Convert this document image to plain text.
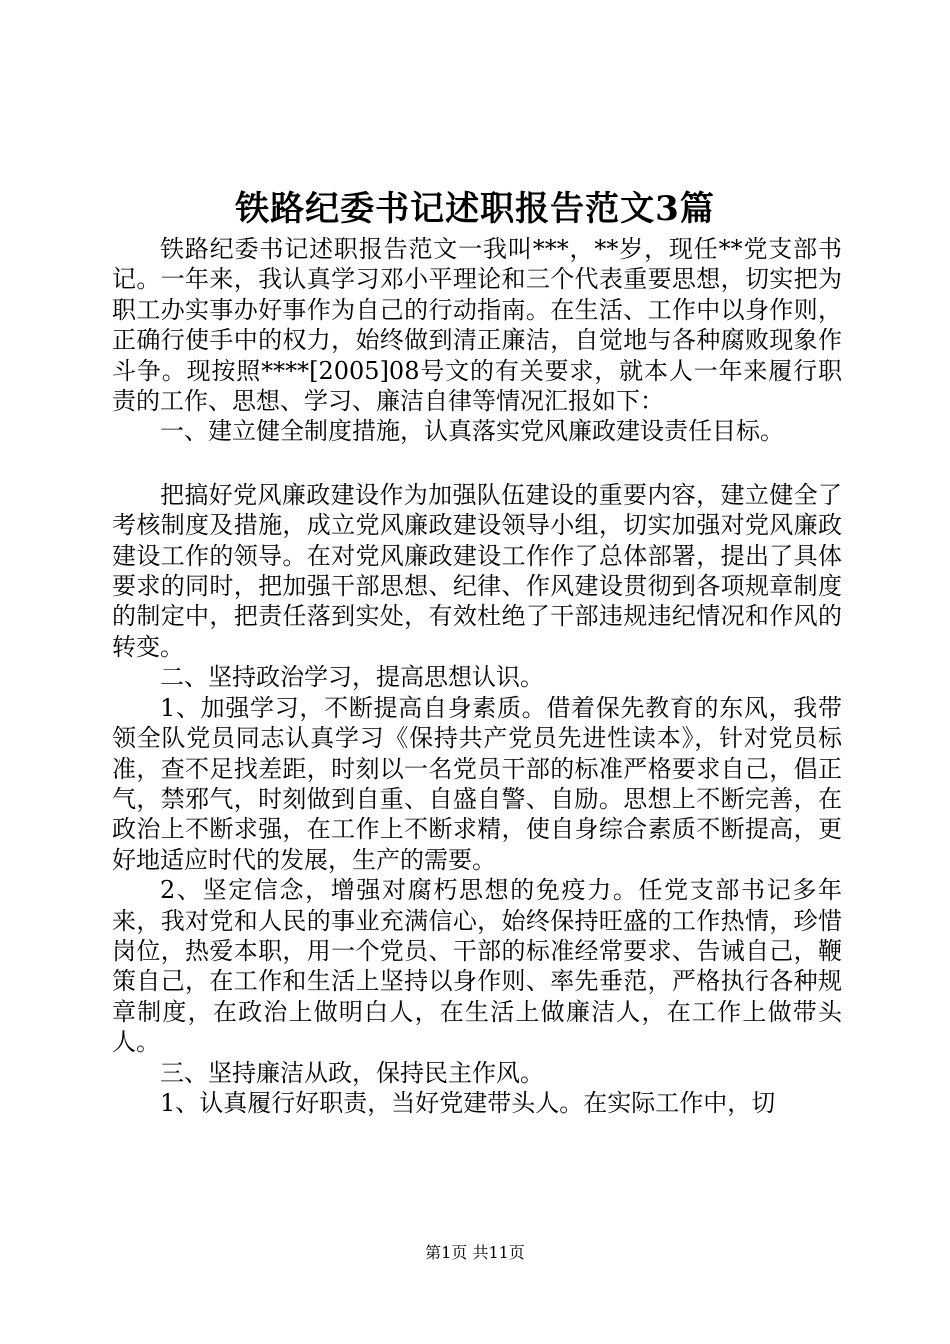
铁路纪委书记述职报告范文3篇

铁路纪委书记述职报告范文一我叫***，**岁，现任**党支部书记。一年来，我认真学习邓小平理论和三个代表重要思想，切实把为职工办实事办好事作为自己的行动指南。在生活、工作中以身作则，正确行使手中的权力，始终做到清正廉洁，自觉地与各种腐败现象作斗争。现按照****[2005]08号文的有关要求，就本人一年来履行职责的工作、思想、学习、廉洁自律等情况汇报如下：

一、建立健全制度措施，认真落实党风廉政建设责任目标。

把搞好党风廉政建设作为加强队伍建设的重要内容，建立健全了考核制度及措施，成立党风廉政建设领导小组，切实加强对党风廉政建设工作的领导。在对党风廉政建设工作作了总体部署，提出了具体要求的同时，把加强干部思想、纪律、作风建设贯彻到各项规章制度的制定中，把责任落到实处，有效杜绝了干部违规违纪情况和作风的转变。

二、坚持政治学习，提高思想认识。

1、加强学习，不断提高自身素质。借着保先教育的东风，我带领全队党员同志认真学习《保持共产党员先进性读本》，针对党员标准，查不足找差距，时刻以一名党员干部的标准严格要求自己，倡正气，禁邪气，时刻做到自重、自盛自警、自励。思想上不断完善，在政治上不断求强，在工作上不断求精，使自身综合素质不断提高，更好地适应时代的发展，生产的需要。

2、坚定信念，增强对腐朽思想的免疫力。任党支部书记多年来，我对党和人民的事业充满信心，始终保持旺盛的工作热情，珍惜岗位，热爱本职，用一个党员、干部的标准经常要求、告诫自己，鞭策自己，在工作和生活上坚持以身作则、率先垂范，严格执行各种规章制度，在政治上做明白人，在生活上做廉洁人，在工作上做带头人。

三、坚持廉洁从政，保持民主作风。

1、认真履行好职责，当好党建带头人。在实际工作中，切

第1页 共11页
